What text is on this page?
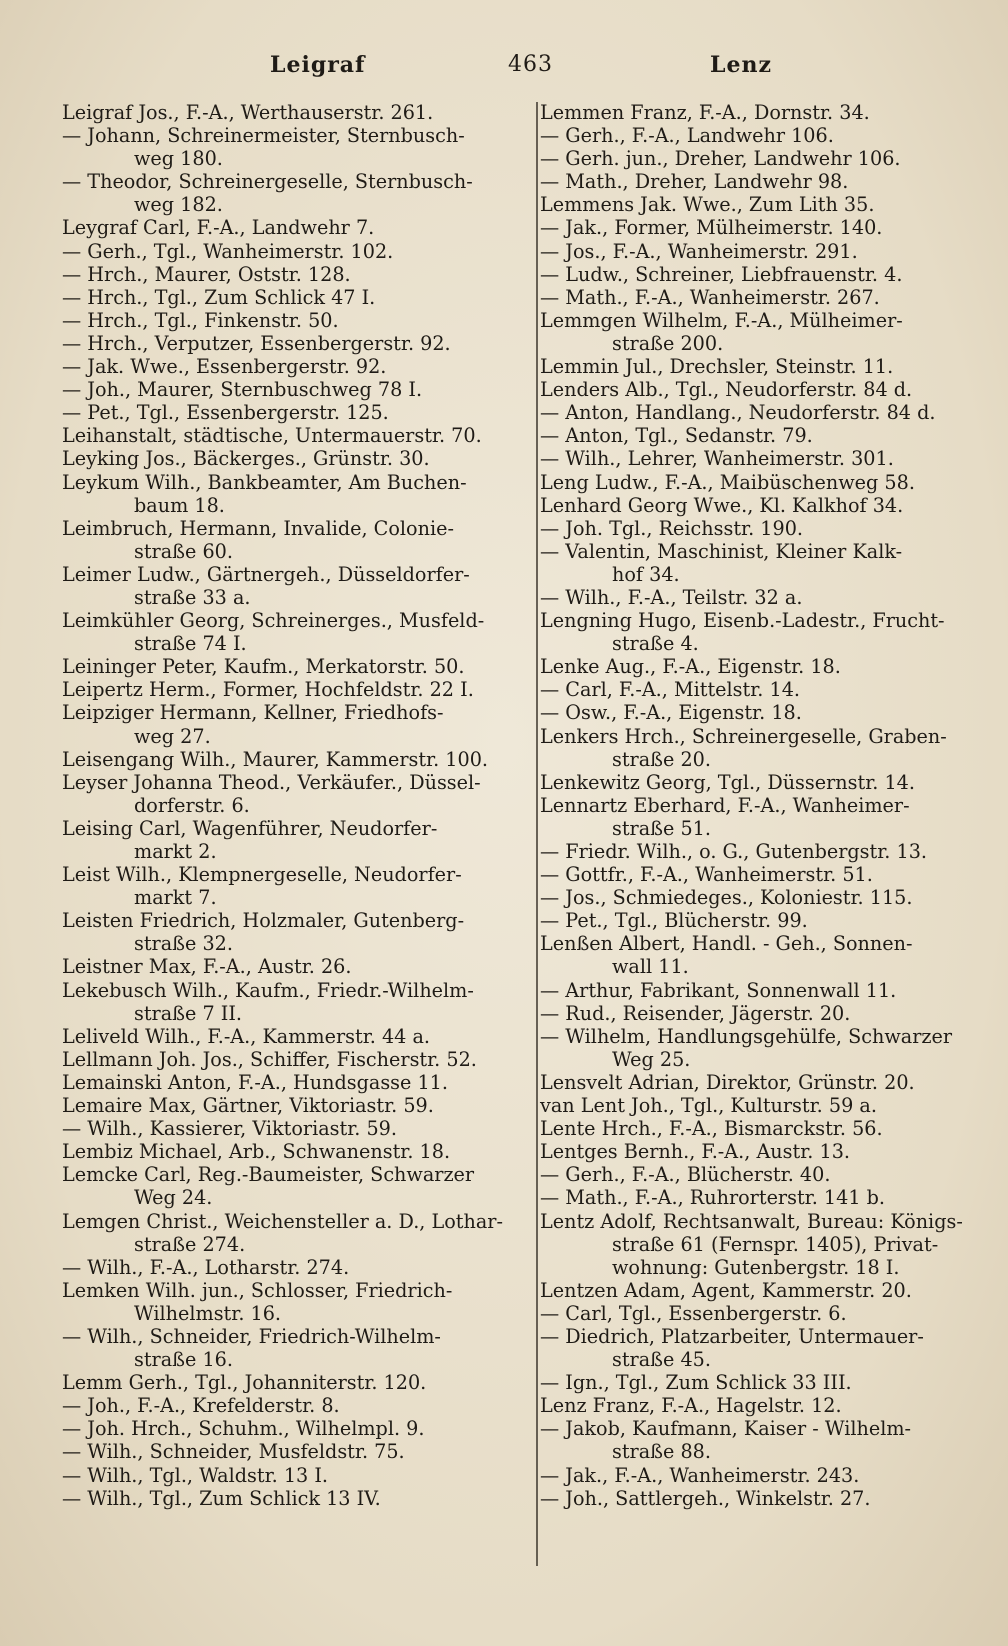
Leigraf	463	Lenz
Leigraf Jos., F.-A., Werthauserstr. 261.
— Johann, Schreinermeister, Sternbusch-
weg 180.
— Theodor, Schreinergeselle, Sternbusch-
weg 182.
Leygraf Carl, F.-A., Landwehr 7.
— Gerh., Tgl., Wanheimerstr. 102.
— Hrch., Maurer, Oststr. 128.
— Hrch., Tgl., Zum Schlick 47 I.
— Hrch., Tgl., Finkenstr. 50.
— Hrch., Verputzer, Essenbergerstr. 92.
— Jak. Wwe., Essenbergerstr. 92.
— Joh., Maurer, Sternbuschweg 78 I.
— Pet., Tgl., Essenbergerstr. 125.
Leihanstalt, städtische, Untermauerstr. 70.
Leyking Jos., Bäckerges., Grünstr. 30.
Leykum Wilh., Bankbeamter, Am Buchen-
baum 18.
Leimbruch, Hermann, Invalide, Colonie-
straße 60.
Leimer Ludw., Gärtnergeh., Düsseldorfer-
straße 33 a.
Leimkühler Georg, Schreinerges., Musfeld-
straße 74 I.
Leininger Peter, Kaufm., Merkatorstr. 50.
Leipertz Herm., Former, Hochfeldstr. 22 I.
Leipziger Hermann, Kellner, Friedhofs-
weg 27.
Leisengang Wilh., Maurer, Kammerstr. 100.
Leyser Johanna Theod., Verkäufer., Düssel-
dorferstr. 6.
Leising Carl, Wagenführer, Neudorfer-
markt 2.
Leist Wilh., Klempnergeselle, Neudorfer-
markt 7.
Leisten Friedrich, Holzmaler, Gutenberg-
straße 32.
Leistner Max, F.-A., Austr. 26.
Lekebusch Wilh., Kaufm., Friedr.-Wilhelm-
straße 7 II.
Leliveld Wilh., F.-A., Kammerstr. 44 a.
Lellmann Joh. Jos., Schiffer, Fischerstr. 52.
Lemainski Anton, F.-A., Hundsgasse 11.
Lemaire Max, Gärtner, Viktoriastr. 59.
— Wilh., Kassierer, Viktoriastr. 59.
Lembiz Michael, Arb., Schwanenstr. 18.
Lemcke Carl, Reg.-Baumeister, Schwarzer
Weg 24.
Lemgen Christ., Weichensteller a. D., Lothar-
straße 274.
— Wilh., F.-A., Lotharstr. 274.
Lemken Wilh. jun., Schlosser, Friedrich-
Wilhelmstr. 16.
— Wilh., Schneider, Friedrich-Wilhelm-
straße 16.
Lemm Gerh., Tgl., Johanniterstr. 120.
— Joh., F.-A., Krefelderstr. 8.
— Joh. Hrch., Schuhm., Wilhelmpl. 9.
— Wilh., Schneider, Musfeldstr. 75.
— Wilh., Tgl., Waldstr. 13 I.
— Wilh., Tgl., Zum Schlick 13 IV.
Lemmen Franz, F.-A., Dornstr. 34.
— Gerh., F.-A., Landwehr 106.
— Gerh. jun., Dreher, Landwehr 106.
— Math., Dreher, Landwehr 98.
Lemmens Jak. Wwe., Zum Lith 35.
— Jak., Former, Mülheimerstr. 140.
— Jos., F.-A., Wanheimerstr. 291.
— Ludw., Schreiner, Liebfrauenstr. 4.
— Math., F.-A., Wanheimerstr. 267.
Lemmgen Wilhelm, F.-A., Mülheimer-
straße 200.
Lemmin Jul., Drechsler, Steinstr. 11.
Lenders Alb., Tgl., Neudorferstr. 84 d.
— Anton, Handlang., Neudorferstr. 84 d.
— Anton, Tgl., Sedanstr. 79.
— Wilh., Lehrer, Wanheimerstr. 301.
Leng Ludw., F.-A., Maibüschenweg 58.
Lenhard Georg Wwe., Kl. Kalkhof 34.
— Joh. Tgl., Reichsstr. 190.
— Valentin, Maschinist, Kleiner Kalk-
hof 34.
— Wilh., F.-A., Teilstr. 32 a.
Lengning Hugo, Eisenb.-Ladestr., Frucht-
straße 4.
Lenke Aug., F.-A., Eigenstr. 18.
— Carl, F.-A., Mittelstr. 14.
— Osw., F.-A., Eigenstr. 18.
Lenkers Hrch., Schreinergeselle, Graben-
straße 20.
Lenkewitz Georg, Tgl., Düssernstr. 14.
Lennartz Eberhard, F.-A., Wanheimer-
straße 51.
— Friedr. Wilh., o. G., Gutenbergstr. 13.
— Gottfr., F.-A., Wanheimerstr. 51.
— Jos., Schmiedeges., Koloniestr. 115.
— Pet., Tgl., Blücherstr. 99.
Lenßen Albert, Handl. - Geh., Sonnen-
wall 11.
— Arthur, Fabrikant, Sonnenwall 11.
— Rud., Reisender, Jägerstr. 20.
— Wilhelm, Handlungsgehülfe, Schwarzer
Weg 25.
Lensvelt Adrian, Direktor, Grünstr. 20.
van Lent Joh., Tgl., Kulturstr. 59 a.
Lente Hrch., F.-A., Bismarckstr. 56.
Lentges Bernh., F.-A., Austr. 13.
— Gerh., F.-A., Blücherstr. 40.
— Math., F.-A., Ruhrorterstr. 141 b.
Lentz Adolf, Rechtsanwalt, Bureau: Königs-
straße 61 (Fernspr. 1405), Privat-
wohnung: Gutenbergstr. 18 I.
Lentzen Adam, Agent, Kammerstr. 20.
— Carl, Tgl., Essenbergerstr. 6.
— Diedrich, Platzarbeiter, Untermauer-
straße 45.
— Ign., Tgl., Zum Schlick 33 III.
Lenz Franz, F.-A., Hagelstr. 12.
— Jakob, Kaufmann, Kaiser - Wilhelm-
straße 88.
— Jak., F.-A., Wanheimerstr. 243.
— Joh., Sattlergeh., Winkelstr. 27.
